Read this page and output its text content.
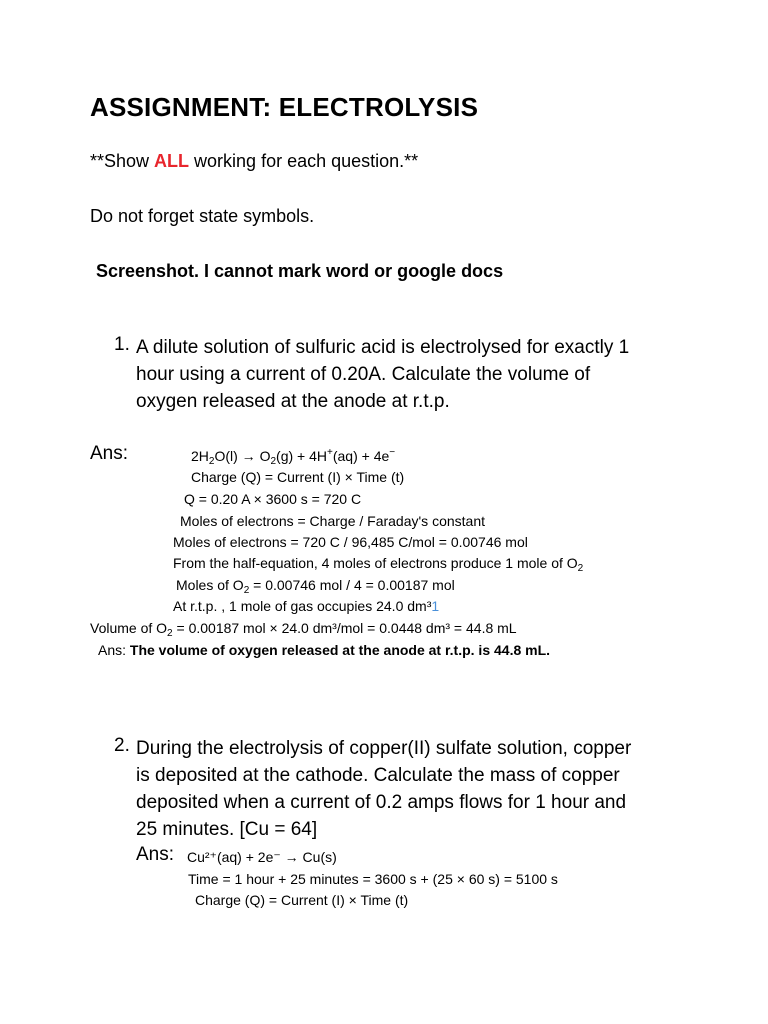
ASSIGNMENT: ELECTROLYSIS
**Show ALL working for each question.**
Do not forget state symbols.
Screenshot. I cannot mark word or google docs
1. A dilute solution of sulfuric acid is electrolysed for exactly 1
hour using a current of 0.20A. Calculate the volume of
oxygen released at the anode at r.t.p.
Ans:	$2H_2O(l) \to O_2(g) + 4H^+(aq) + 4e^-$
Charge (Q) = Current (I) × Time (t)
Q = 0.20 A × 3600 s = 720 C
Moles of electrons = Charge / Faraday's constant
Moles of electrons = 720 C / 96,485 C/mol = 0.00746 mol
From the half-equation, 4 moles of electrons produce 1 mole of $O_2$
Moles of $O_2 = 0.00746$ mol / 4 = 0.00187 mol
At r.t.p. , 1 mole of gas occupies 24.0 dm³1
Volume of $O_2 = 0.00187$ mol × 24.0 dm³/mol = 0.0448 dm³ = 44.8 mL
Ans: The volume of oxygen released at the anode at r.t.p. is 44.8 mL.
2. During the electrolysis of copper(II) sulfate solution, copper
is deposited at the cathode. Calculate the mass of copper
deposited when a current of 0.2 amps flows for 1 hour and
25 minutes. [Cu = 64]
Ans: Cu²⁺(aq) + 2e⁻ → Cu(s)
Time = 1 hour + 25 minutes = 3600 s + (25 × 60 s) = 5100 s
Charge (Q) = Current (I) × Time (t)
